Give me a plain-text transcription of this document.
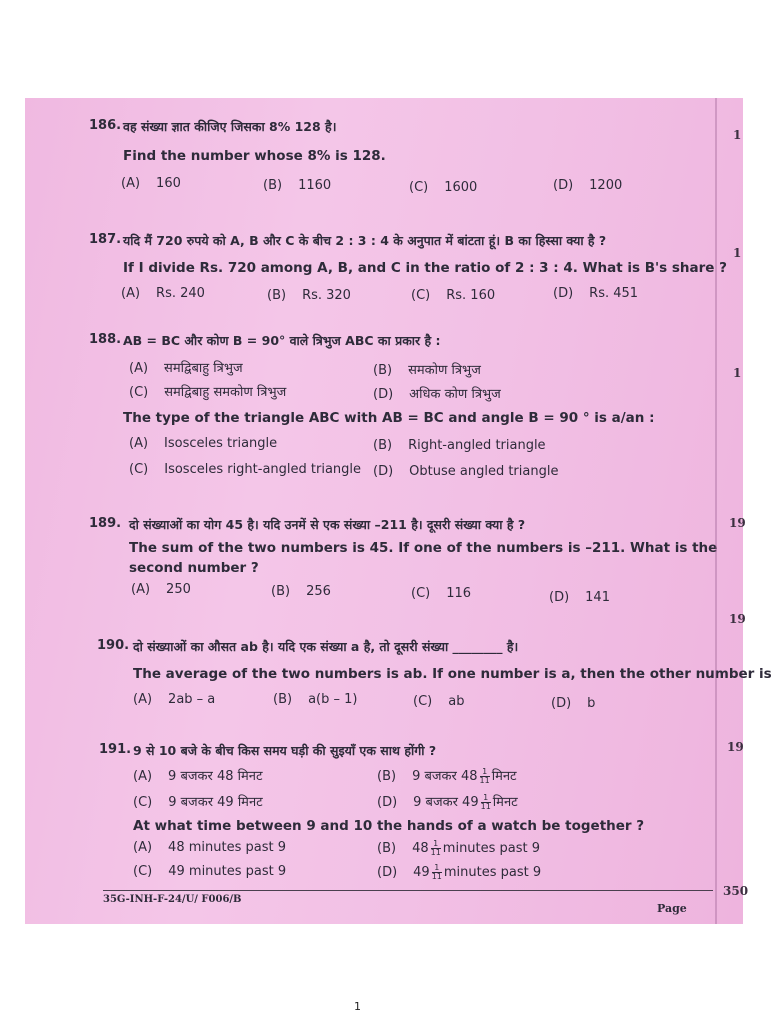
1
1
1
19
19
19
350
186. वह संख्या ज्ञात कीजिए जिसका 8% 128 है।
Find the number whose 8% is 128.
(A) 160	(B) 1160	(C) 1600	(D) 1200
187. यदि मैं 720 रुपये को A, B और C के बीच 2 : 3 : 4 के अनुपात में बांटता हूं। B का हिस्सा क्या है ?
If I divide Rs. 720 among A, B, and C in the ratio of 2 : 3 : 4. What is B's share ?
(A) Rs. 240	(B) Rs. 320	(C) Rs. 160	(D) Rs. 451
188. AB = BC और कोण B = 90° वाले त्रिभुज ABC का प्रकार है :
(A) समद्विबाहु त्रिभुज	(B) समकोण त्रिभुज
(C) समद्विबाहु समकोण त्रिभुज	(D) अधिक कोण त्रिभुज
The type of the triangle ABC with AB = BC and angle B = 90 ° is a/an :
(A) Isosceles triangle	(B) Right-angled triangle
(C) Isosceles right-angled triangle (D) Obtuse angled triangle
189. दो संख्याओं का योग 45 है। यदि उनमें से एक संख्या –211 है। दूसरी संख्या क्या है ?
The sum of the two numbers is 45. If one of the numbers is –211. What is the second number ?
(A) 250	(B) 256	(C) 116	(D) 141
190. दो संख्याओं का औसत ab है। यदि एक संख्या a है, तो दूसरी संख्या ________ है।
The average of the two numbers is ab. If one number is a, then the other number is
(A) 2ab – a	(B) a(b – 1)	(C) ab	(D) b
191. 9 से 10 बजे के बीच किस समय घड़ी की सुइयाँ एक साथ होंगी ?
(A) 9 बजकर 48 मिनट	(B) 9 बजकर $48 \frac{1}{11}$ मिनट
(C) 9 बजकर 49 मिनट	(D) 9 बजकर $49 \frac{1}{11}$ मिनट
At what time between 9 and 10 the hands of a watch be together ?
(A) 48 minutes past 9	(B) $48 \frac{1}{11}$ minutes past 9
(C) 49 minutes past 9	(D) $49 \frac{1}{11}$ minutes past 9
35G-INH-F-24/U/ F006/B
Page
1
